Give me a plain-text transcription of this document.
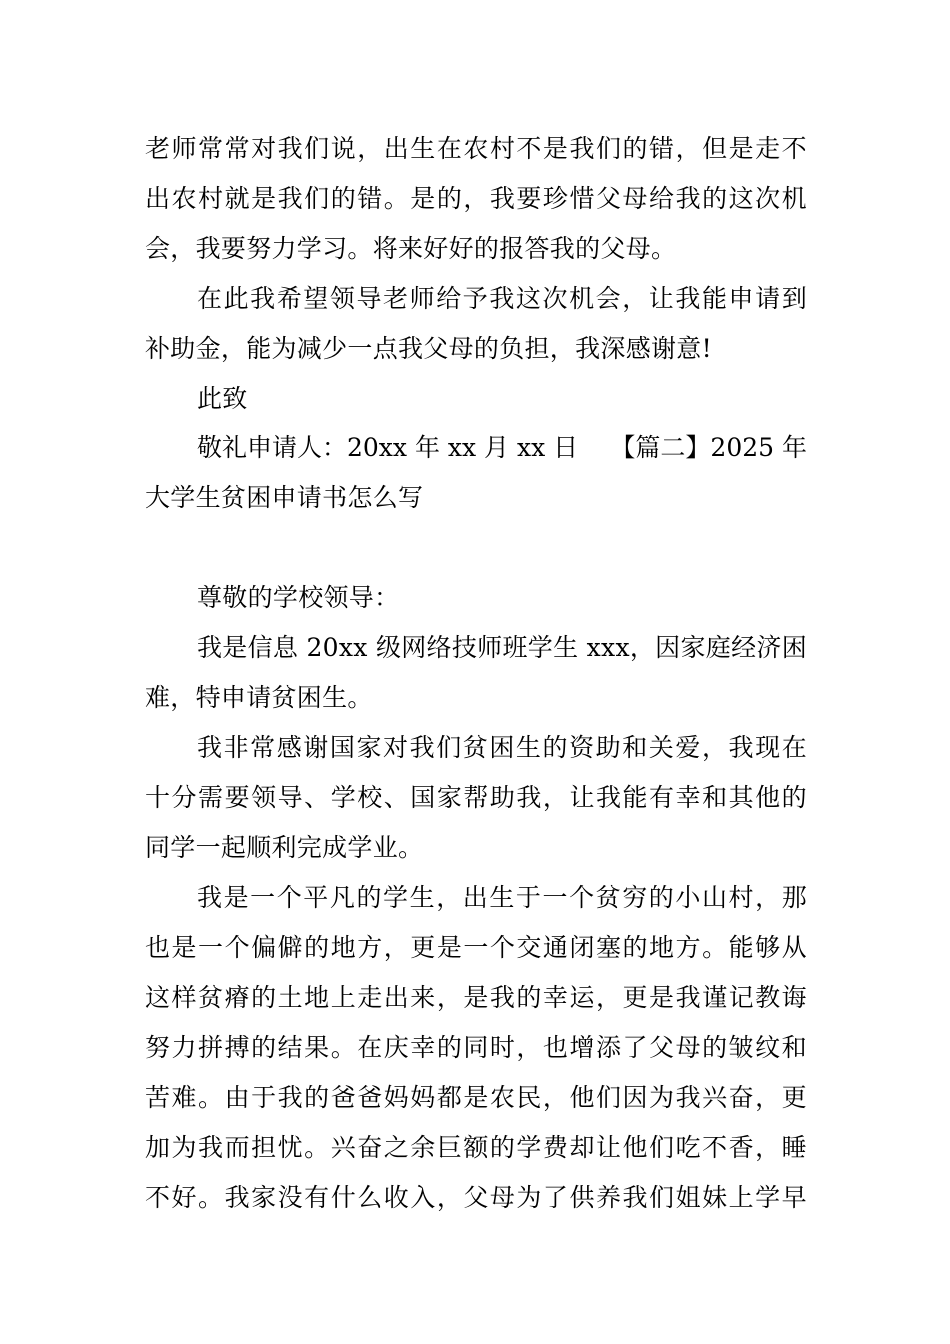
老师常常对我们说，出生在农村不是我们的错，但是走不
出农村就是我们的错。是的，我要珍惜父母给我的这次机
会，我要努力学习。将来好好的报答我的父母。
在此我希望领导老师给予我这次机会，让我能申请到
补助金，能为减少一点我父母的负担，我深感谢意!
此致
敬礼申请人：20xx 年 xx 月 xx 日 【篇二】2025 年
大学生贫困申请书怎么写
尊敬的学校领导：
我是信息 20xx 级网络技师班学生 xxx，因家庭经济困
难，特申请贫困生。
我非常感谢国家对我们贫困生的资助和关爱，我现在
十分需要领导、学校、国家帮助我，让我能有幸和其他的
同学一起顺利完成学业。
我是一个平凡的学生，出生于一个贫穷的小山村，那
也是一个偏僻的地方，更是一个交通闭塞的地方。能够从
这样贫瘠的土地上走出来，是我的幸运，更是我谨记教诲
努力拼搏的结果。在庆幸的同时，也增添了父母的皱纹和
苦难。由于我的爸爸妈妈都是农民，他们因为我兴奋，更
加为我而担忧。兴奋之余巨额的学费却让他们吃不香，睡
不好。我家没有什么收入，父母为了供养我们姐妹上学早
